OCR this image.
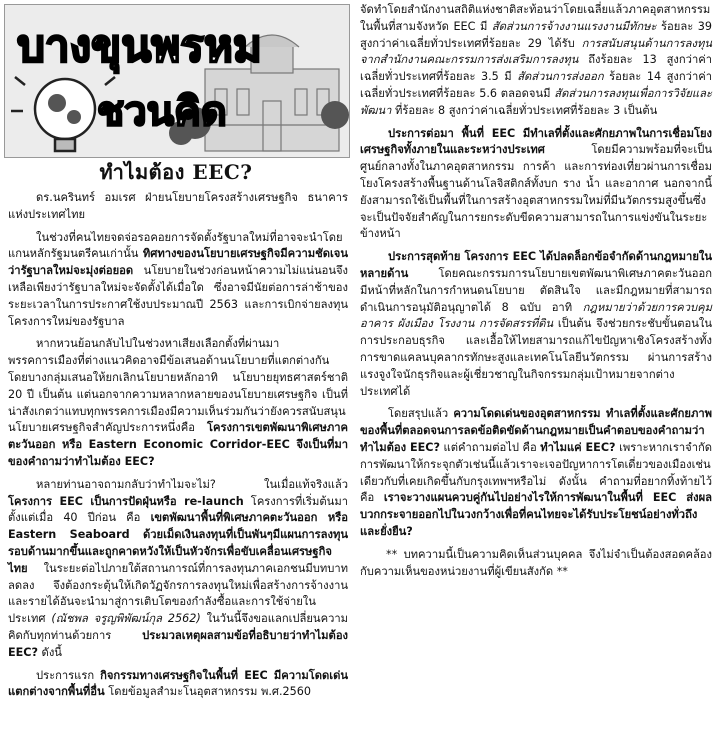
บางขุนพรหม
ชวนคิด
ทำไมต้อง EEC?

ดร.นครินทร์ อมเรศ ฝ่ายนโยบายโครงสร้างเศรษฐกิจ ธนาคารแห่งประเทศไทย

ในช่วงที่คนไทยจดจ่อรอคอยการจัดตั้งรัฐบาลใหม่ที่อาจจะนำโดยแกนหลักรัฐมนตรีคนเก่านั้น ทิศทางของนโยบายเศรษฐกิจมีความชัดเจนว่ารัฐบาลใหม่จะมุ่งต่อยอด นโยบายในช่วงก่อนหน้าความไม่แน่นอนจึงเหลือเพียงว่ารัฐบาลใหม่จะจัดตั้งได้เมื่อใด ซึ่งอาจมีนัยต่อการล่าช้าของระยะเวลาในการประกาศใช้งบประมาณปี 2563 และการเบิกจ่ายลงทุนโครงการใหม่ของรัฐบาล

หากหวนย้อนกลับไปในช่วงหาเสียงเลือกตั้งที่ผ่านมาพรรคการเมืองที่ต่างแนวคิดอาจมีข้อเสนอด้านนโยบายที่แตกต่างกัน โดยบางกลุ่มเสนอให้ยกเลิกนโยบายหลักอาทิ นโยบายยุทธศาสตร์ชาติ 20 ปี เป็นต้น แต่นอกจากความหลากหลายของนโยบายเศรษฐกิจ เป็นที่น่าสังเกตว่าแทบทุกพรรคการเมืองมีความเห็นร่วมกันว่ายังควรสนับสนุนนโยบายเศรษฐกิจสำคัญประการหนึ่งคือ โครงการเขตพัฒนาพิเศษภาคตะวันออก หรือ Eastern Economic Corridor-EEC จึงเป็นที่มาของคำถามว่าทำไมต้อง EEC?

หลายท่านอาจถามกลับว่าทำไมจะไม่? ในเมื่อแท้จริงแล้ว โครงการ EEC เป็นการปัดฝุ่นหรือ re-launch โครงการที่เริ่มต้นมาตั้งแต่เมื่อ 40 ปีก่อน คือ เขตพัฒนาพื้นที่พิเศษภาคตะวันออก หรือ Eastern Seaboard ด้วยเม็ดเงินลงทุนที่เป็นพันๆมีแผนการลงทุนรอบด้านมากขึ้นและถูกคาดหวังให้เป็นหัวจักรเพื่อขับเคลื่อนเศรษฐกิจไทย ในระยะต่อไปภายใต้สถานการณ์ที่การลงทุนภาคเอกชนมีบทบาทลดลง จึงต้องกระตุ้นให้เกิดวัฏจักรการลงทุนใหม่เพื่อสร้างการจ้างงานและรายได้อันจะนำมาสู่การเติบโตของกำลังซื้อและการใช้จ่ายในประเทศ (ณัชพล จรูญพิพัฒน์กุล 2562) ในวันนี้จึงขอแลกเปลี่ยนความคิดกับทุกท่านด้วยการ ประมวลเหตุผลสามข้อที่อธิบายว่าทำไมต้อง EEC? ดังนี้

ประการแรก กิจกรรมทางเศรษฐกิจในพื้นที่ EEC มีความโดดเด่นแตกต่างจากพื้นที่อื่น โดยข้อมูลสำมะโนอุตสาหกรรม พ.ศ.2560

จัดทำโดยสำนักงานสถิติแห่งชาติสะท้อนว่าโดยเฉลี่ยแล้วภาคอุตสาหกรรมในพื้นที่สามจังหวัด EEC มี สัดส่วนการจ้างงานแรงงานมีทักษะ ร้อยละ 39 สูงกว่าค่าเฉลี่ยทั่วประเทศที่ร้อยละ 29 ได้รับ การสนับสนุนด้านการลงทุนจากสำนักงานคณะกรรมการส่งเสริมการลงทุน ถึงร้อยละ 13 สูงกว่าค่าเฉลี่ยทั่วประเทศที่ร้อยละ 3.5 มี สัดส่วนการส่งออก ร้อยละ 14 สูงกว่าค่าเฉลี่ยทั่วประเทศที่ร้อยละ 5.6 ตลอดจนมี สัดส่วนการลงทุนเพื่อการวิจัยและพัฒนา ที่ร้อยละ 8 สูงกว่าค่าเฉลี่ยทั่วประเทศที่ร้อยละ 3 เป็นต้น

ประการต่อมา พื้นที่ EEC มีทำเลที่ตั้งและศักยภาพในการเชื่อมโยงเศรษฐกิจทั้งภายในและระหว่างประเทศ โดยมีความพร้อมที่จะเป็นศูนย์กลางทั้งในภาคอุตสาหกรรม การค้า และการท่องเที่ยวผ่านการเชื่อมโยงโครงสร้างพื้นฐานด้านโลจิสติกส์ทั้งบก ราง น้ำ และอากาศ นอกจากนี้ยังสามารถใช้เป็นพื้นที่ในการสร้างอุตสาหกรรมใหม่ที่มีนวัตกรรมสูงขึ้นซึ่งจะเป็นปัจจัยสำคัญในการยกระดับขีดความสามารถในการแข่งขันในระยะข้างหน้า

ประการสุดท้าย โครงการ EEC ได้ปลดล็อกข้อจำกัดด้านกฎหมายในหลายด้าน โดยคณะกรรมการนโยบายเขตพัฒนาพิเศษภาคตะวันออก มีหน้าที่หลักในการกำหนดนโยบาย ตัดสินใจ และมีกฎหมายที่สามารถดำเนินการอนุมัติอนุญาตได้ 8 ฉบับ อาทิ กฎหมายว่าด้วยการควบคุมอาคาร ผังเมือง โรงงาน การจัดสรรที่ดิน เป็นต้น จึงช่วยกระชับขั้นตอนในการประกอบธุรกิจ และเอื้อให้ไทยสามารถแก้ไขปัญหาเชิงโครงสร้างทั้งการขาดแคลนบุคลากรทักษะสูงและเทคโนโลยีนวัตกรรม ผ่านการสร้างแรงจูงใจนักธุรกิจและผู้เชี่ยวชาญในกิจกรรมกลุ่มเป้าหมายจากต่างประเทศได้

โดยสรุปแล้ว ความโดดเด่นของอุตสาหกรรม ทำเลที่ตั้งและศักยภาพของพื้นที่ตลอดจนการลดข้อติดขัดด้านกฎหมายเป็นคำตอบของคำถามว่าทำไมต้อง EEC? แต่คำถามต่อไป คือ ทำไมแค่ EEC? เพราะหากเราจำกัดการพัฒนาให้กระจุกตัวเช่นนี้แล้วเราจะเจอปัญหาการโตเดี่ยวของเมืองเช่นเดียวกับที่เคยเกิดขึ้นกับกรุงเทพฯหรือไม่ ดังนั้น คำถามที่อยากทิ้งท้ายไว้ คือ เราจะวางแผนควบคู่กันไปอย่างไรให้การพัฒนาในพื้นที่ EEC ส่งผลบวกกระจายออกไปในวงกว้างเพื่อที่คนไทยจะได้รับประโยชน์อย่างทั่วถึงและยั่งยืน?

** บทความนี้เป็นความคิดเห็นส่วนบุคคล จึงไม่จำเป็นต้องสอดคล้องกับความเห็นของหน่วยงานที่ผู้เขียนสังกัด **
